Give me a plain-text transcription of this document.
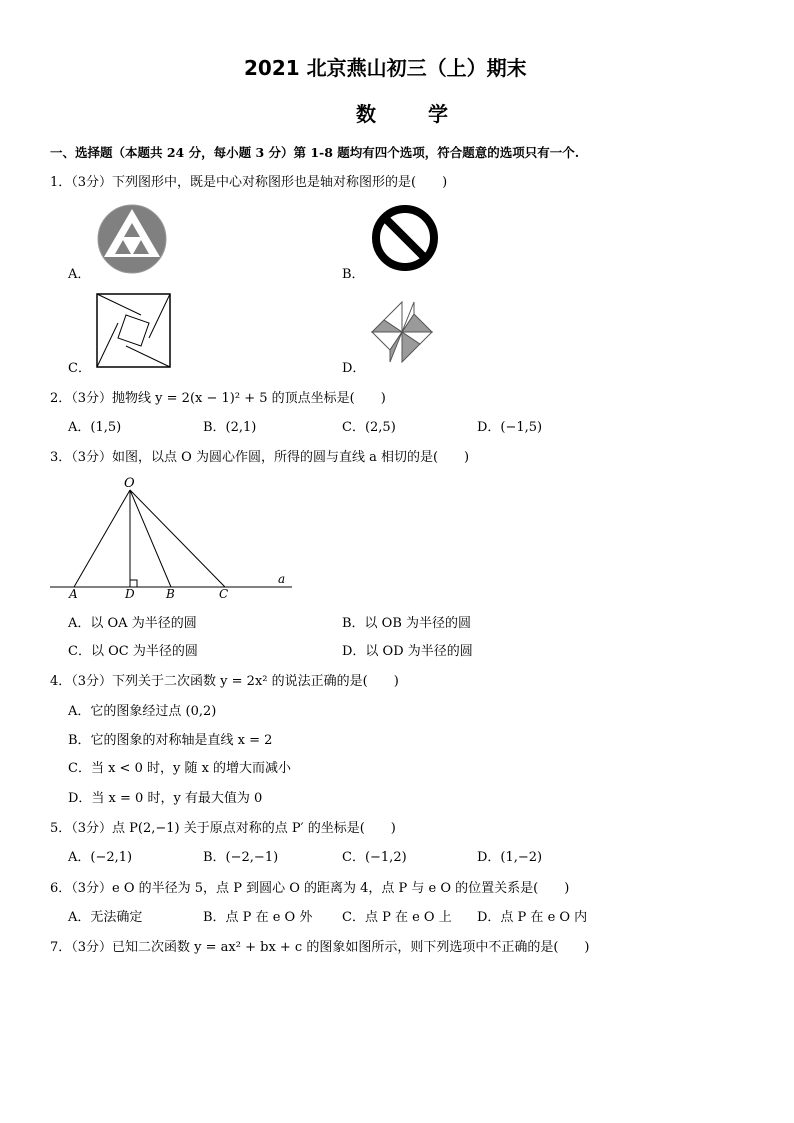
2021 北京燕山初三（上）期末
数	学
一、选择题（本题共 24 分，每小题 3 分）第 1-8 题均有四个选项，符合题意的选项只有一个.
1．（3分）下列图形中，既是中心对称图形也是轴对称图形的是(　　)
A．	B．
C．	D．
2．（3分）抛物线 y = 2(x − 1)² + 5 的顶点坐标是(　　)
A．(1,5)	B．(2,1)	C．(2,5)	D．(−1,5)
3．（3分）如图，以点 O 为圆心作圆，所得的圆与直线 a 相切的是(　　)
O
A	D	B	C
a
A．以 OA 为半径的圆	B．以 OB 为半径的圆
C．以 OC 为半径的圆	D．以 OD 为半径的圆
4．（3分）下列关于二次函数 y = 2x² 的说法正确的是(　　)
A．它的图象经过点 (0,2)
B．它的图象的对称轴是直线 x = 2
C．当 x < 0 时，y 随 x 的增大而减小
D．当 x = 0 时，y 有最大值为 0
5．（3分）点 P(2,−1) 关于原点对称的点 P′ 的坐标是(　　)
A．(−2,1)	B．(−2,−1)	C．(−1,2)	D．(1,−2)
6．（3分）e O 的半径为 5，点 P 到圆心 O 的距离为 4，点 P 与 e O 的位置关系是(　　)
A．无法确定	B．点 P 在 e O 外 C．点 P 在 e O 上 D．点 P 在 e O 内
7．（3分）已知二次函数 y = ax² + bx + c 的图象如图所示，则下列选项中不正确的是(　　)
